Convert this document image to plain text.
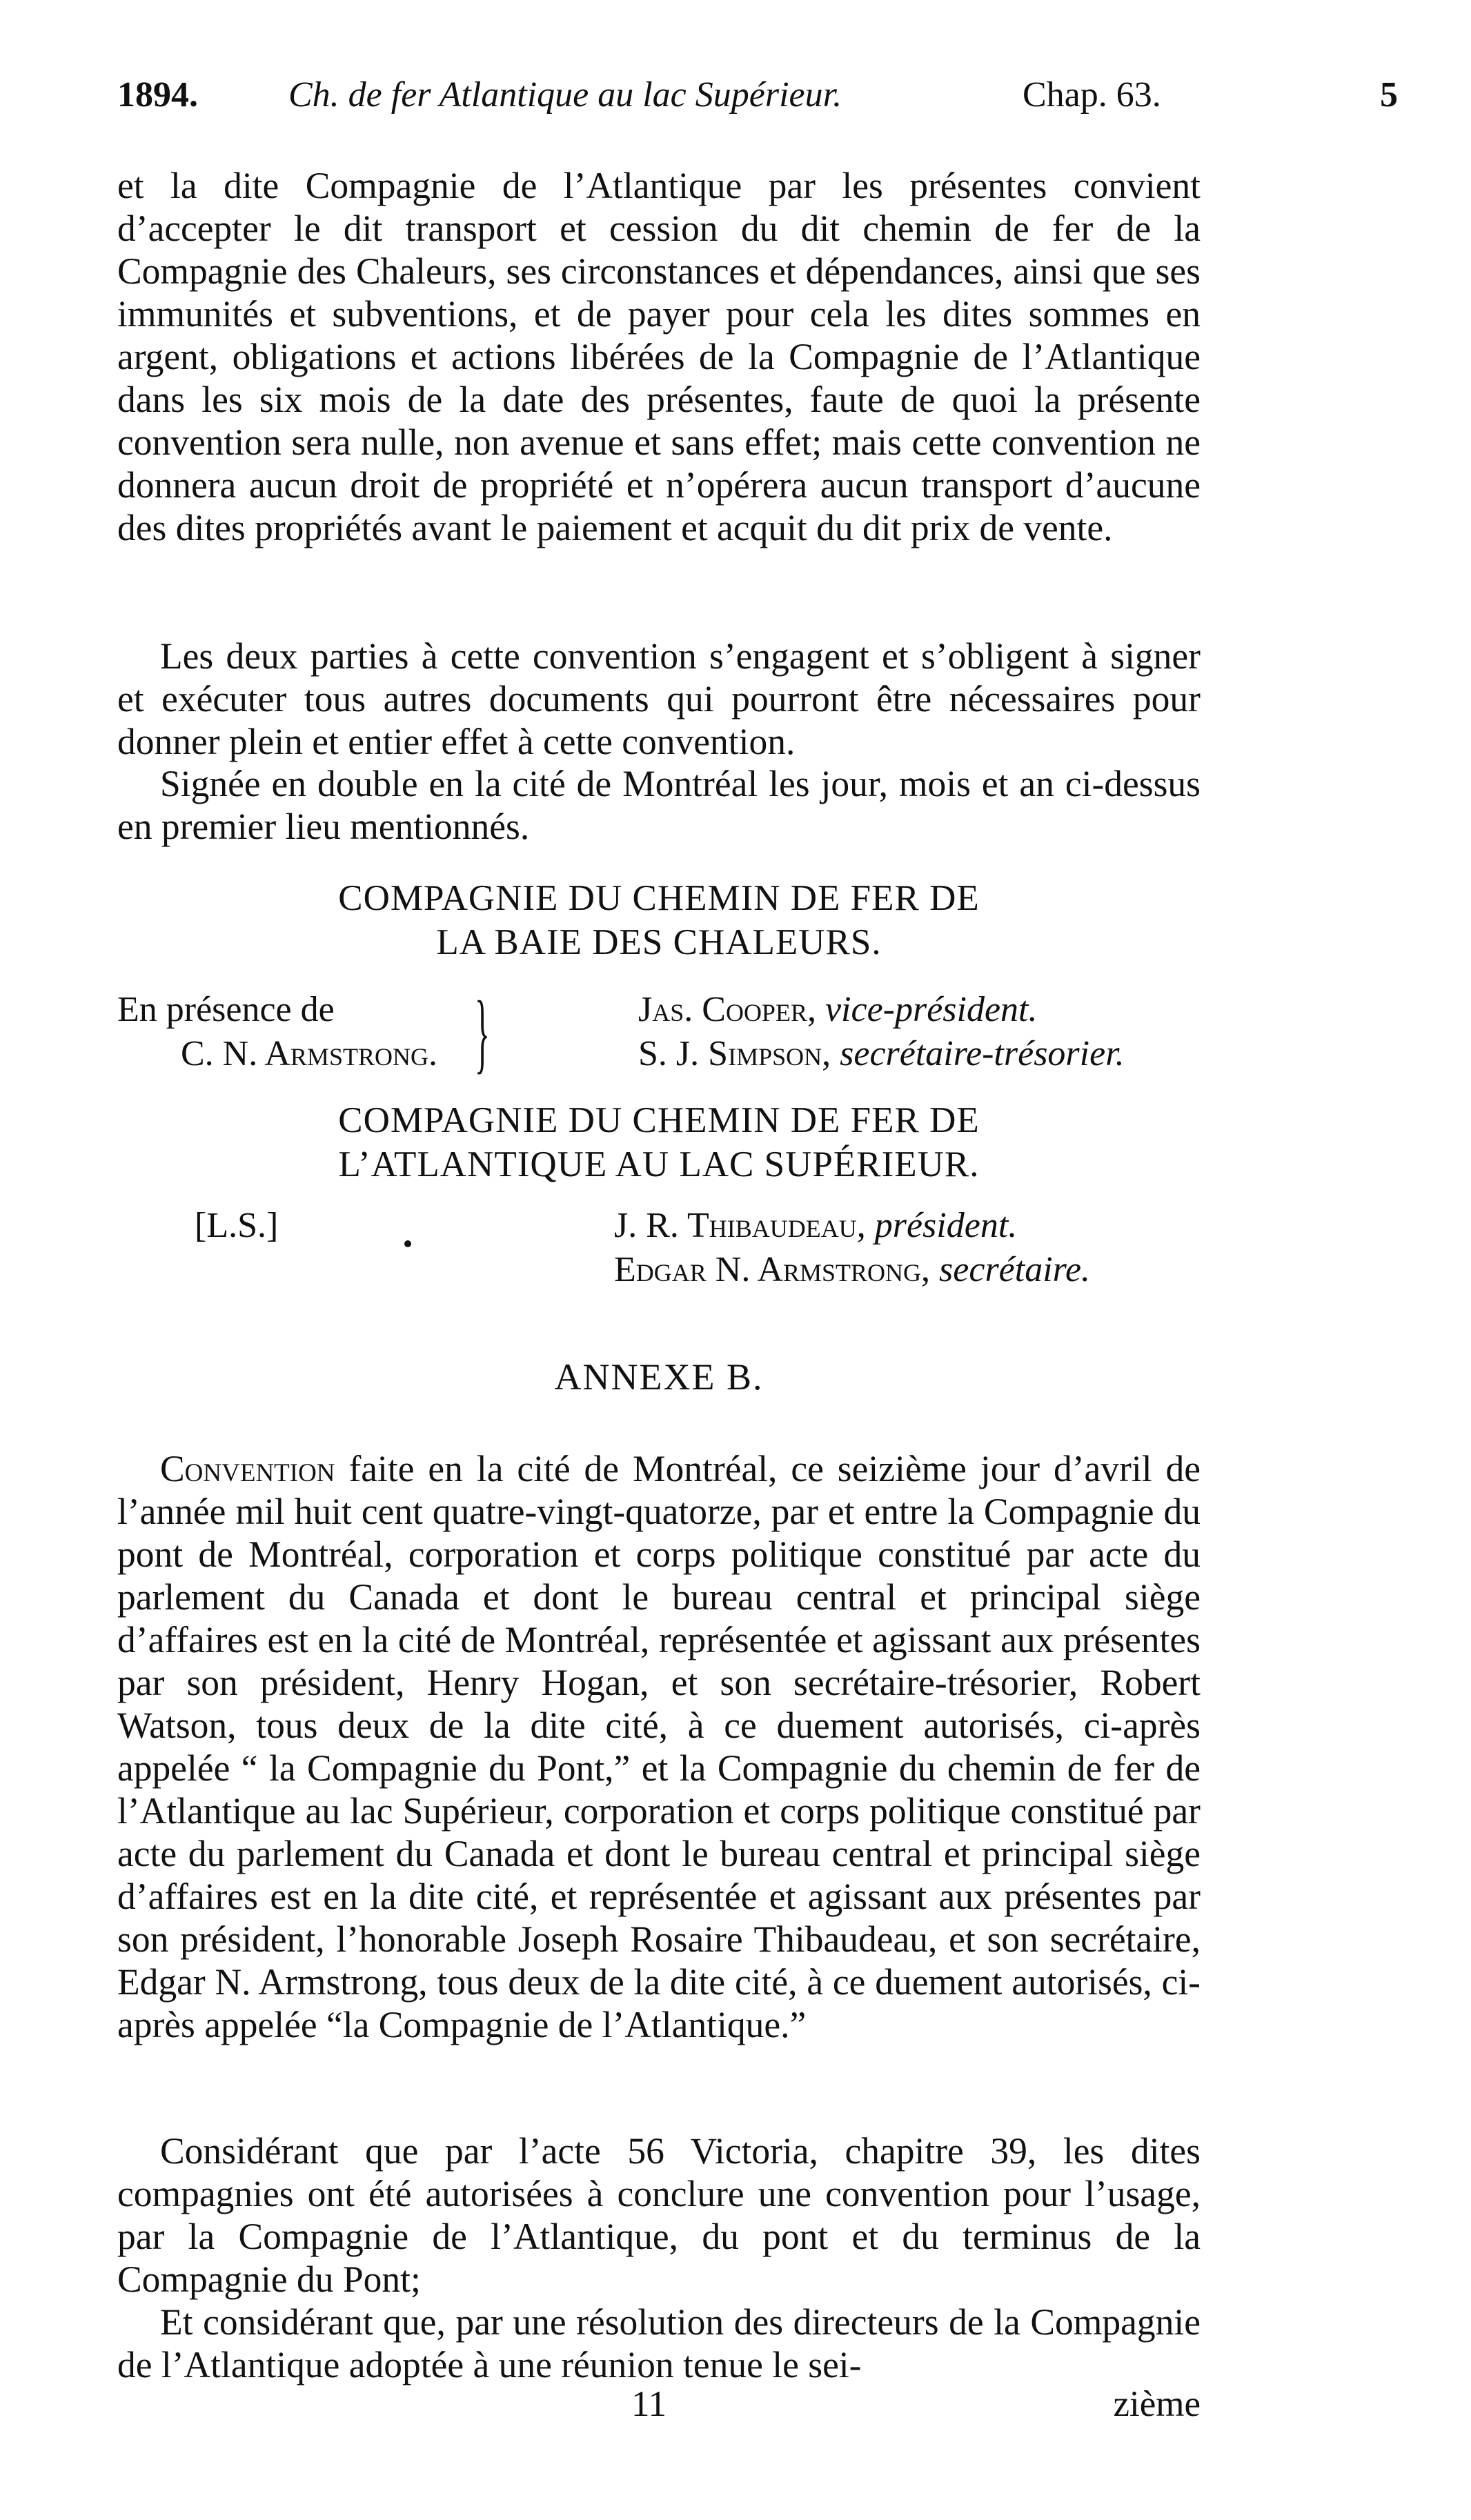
1894.	Ch. de fer Atlantique au lac Supérieur.	Chap. 63.	5

et la dite Compagnie de l’Atlantique par les présentes convient d’accepter le dit transport et cession du dit chemin de fer de la Compagnie des Chaleurs, ses circonstances et dépendances, ainsi que ses immunités et subventions, et de payer pour cela les dites sommes en argent, obligations et actions libérées de la Compagnie de l’Atlantique dans les six mois de la date des présentes, faute de quoi la présente convention sera nulle, non avenue et sans effet; mais cette convention ne donnera aucun droit de propriété et n’opérera aucun transport d’aucune des dites propriétés avant le paiement et acquit du dit prix de vente.

Les deux parties à cette convention s’engagent et s’obligent à signer et exécuter tous autres documents qui pourront être nécessaires pour donner plein et entier effet à cette convention.

Signée en double en la cité de Montréal les jour, mois et an ci-dessus en premier lieu mentionnés.

COMPAGNIE DU CHEMIN DE FER DE
LA BAIE DES CHALEURS.
En présence de
C. N. Armstrong. }	Jas. Cooper, vice-président.
S. J. Simpson, secrétaire-trésorier.
COMPAGNIE DU CHEMIN DE FER DE
L’ATLANTIQUE AU LAC SUPÉRIEUR.
[L.S.]	J. R. Thibaudeau, président.
Edgar N. Armstrong, secrétaire.
ANNEXE B.

Convention faite en la cité de Montréal, ce seizième jour d’avril de l’année mil huit cent quatre-vingt-quatorze, par et entre la Compagnie du pont de Montréal, corporation et corps politique constitué par acte du parlement du Canada et dont le bureau central et principal siège d’affaires est en la cité de Montréal, représentée et agissant aux présentes par son président, Henry Hogan, et son secrétaire-trésorier, Robert Watson, tous deux de la dite cité, à ce duement autorisés, ci-après appelée “ la Compagnie du Pont,” et la Compagnie du chemin de fer de l’Atlantique au lac Supérieur, corporation et corps politique constitué par acte du parlement du Canada et dont le bureau central et principal siège d’affaires est en la dite cité, et représentée et agissant aux présentes par son président, l’honorable Joseph Rosaire Thibaudeau, et son secrétaire, Edgar N. Armstrong, tous deux de la dite cité, à ce duement autorisés, ci-après appelée “la Compagnie de l’Atlantique.”

Considérant que par l’acte 56 Victoria, chapitre 39, les dites compagnies ont été autorisées à conclure une convention pour l’usage, par la Compagnie de l’Atlantique, du pont et du terminus de la Compagnie du Pont;

Et considérant que, par une résolution des directeurs de la Compagnie de l’Atlantique adoptée à une réunion tenue le sei-

11	zième
